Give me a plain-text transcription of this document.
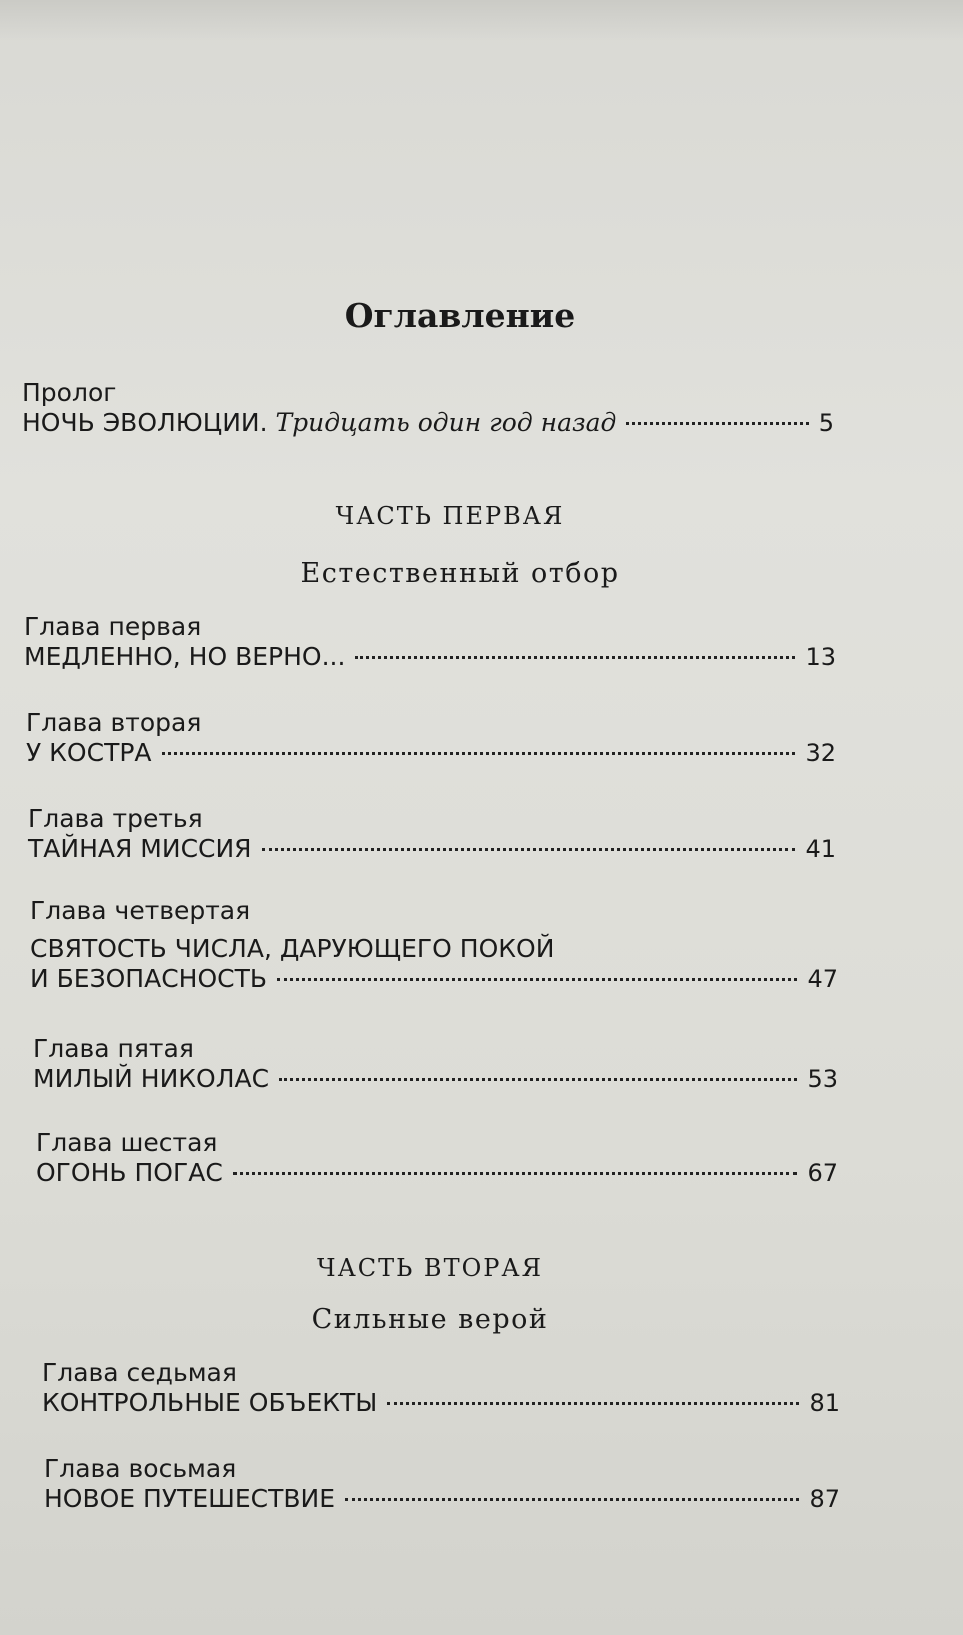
Оглавление
Пролог
НОЧЬ ЭВОЛЮЦИИ. Тридцать один год назад	5
ЧАСТЬ ПЕРВАЯ
Естественный отбор
Глава первая
МЕДЛЕННО, НО ВЕРНО...	13
Глава вторая
У КОСТРА	32
Глава третья
ТАЙНАЯ МИССИЯ	41
Глава четвертая
СВЯТОСТЬ ЧИСЛА, ДАРУЮЩЕГО ПОКОЙ
И БЕЗОПАСНОСТЬ	47
Глава пятая
МИЛЫЙ НИКОЛАС	53
Глава шестая
ОГОНЬ ПОГАС	67
ЧАСТЬ ВТОРАЯ
Сильные верой
Глава седьмая
КОНТРОЛЬНЫЕ ОБЪЕКТЫ	81
Глава восьмая
НОВОЕ ПУТЕШЕСТВИЕ	87
